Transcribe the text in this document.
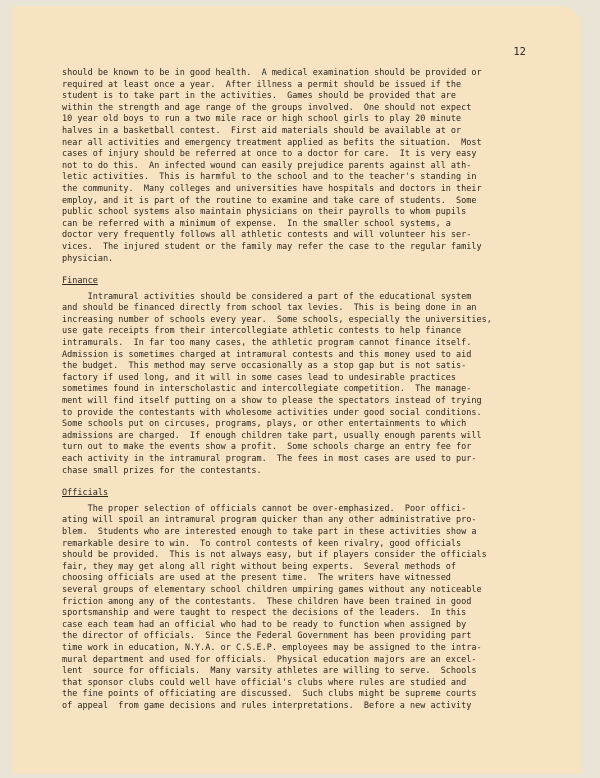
12
should be known to be in good health.  A medical examination should be provided or
required at least once a year.  After illness a permit should be issued if the
student is to take part in the activities.  Games should be provided that are
within the strength and age range of the groups involved.  One should not expect
10 year old boys to run a two mile race or high school girls to play 20 minute
halves in a basketball contest.  First aid materials should be available at or
near all activities and emergency treatment applied as befits the situation.  Most
cases of injury should be referred at once to a doctor for care.  It is very easy
not to do this.  An infected wound can easily prejudice parents against all ath-
letic activities.  This is harmful to the school and to the teacher's standing in
the community.  Many colleges and universities have hospitals and doctors in their
employ, and it is part of the routine to examine and take care of students.  Some
public school systems also maintain physicians on their payrolls to whom pupils
can be referred with a minimum of expense.  In the smaller school systems, a
doctor very frequently follows all athletic contests and will volunteer his ser-
vices.  The injured student or the family may refer the case to the regular family
physician.
Finance
Intramural activities should be considered a part of the educational system
and should be financed directly from school tax levies.  This is being done in an
increasing number of schools every year.  Some schools, especially the universities,
use gate receipts from their intercollegiate athletic contests to help finance
intramurals.  In far too many cases, the athletic program cannot finance itself.
Admission is sometimes charged at intramural contests and this money used to aid
the budget.  This method may serve occasionally as a stop gap but is not satis-
factory if used long, and it will in some cases lead to undesirable practices
sometimes found in interscholastic and intercollegiate competition.  The manage-
ment will find itself putting on a show to please the spectators instead of trying
to provide the contestants with wholesome activities under good social conditions.
Some schools put on circuses, programs, plays, or other entertainments to which
admissions are charged.  If enough children take part, usually enough parents will
turn out to make the events show a profit.  Some schools charge an entry fee for
each activity in the intramural program.  The fees in most cases are used to pur-
chase small prizes for the contestants.
Officials
The proper selection of officials cannot be over-emphasized.  Poor offici-
ating will spoil an intramural program quicker than any other administrative pro-
blem.  Students who are interested enough to take part in these activities show a
remarkable desire to win.  To control contests of keen rivalry, good officials
should be provided.  This is not always easy, but if players consider the officials
fair, they may get along all right without being experts.  Several methods of
choosing officials are used at the present time.  The writers have witnessed
several groups of elementary school children umpiring games without any noticeable
friction among any of the contestants.  These children have been trained in good
sportsmanship and were taught to respect the decisions of the leaders.  In this
case each team had an official who had to be ready to function when assigned by
the director of officials.  Since the Federal Government has been providing part
time work in education, N.Y.A. or C.S.E.P. employees may be assigned to the intra-
mural department and used for officials.  Physical education majors are an excel-
lent  source for officials.  Many varsity athletes are willing to serve.  Schools
that sponsor clubs could well have official's clubs where rules are studied and
the fine points of officiating are discussed.  Such clubs might be supreme courts
of appeal  from game decisions and rules interpretations.  Before a new activity
